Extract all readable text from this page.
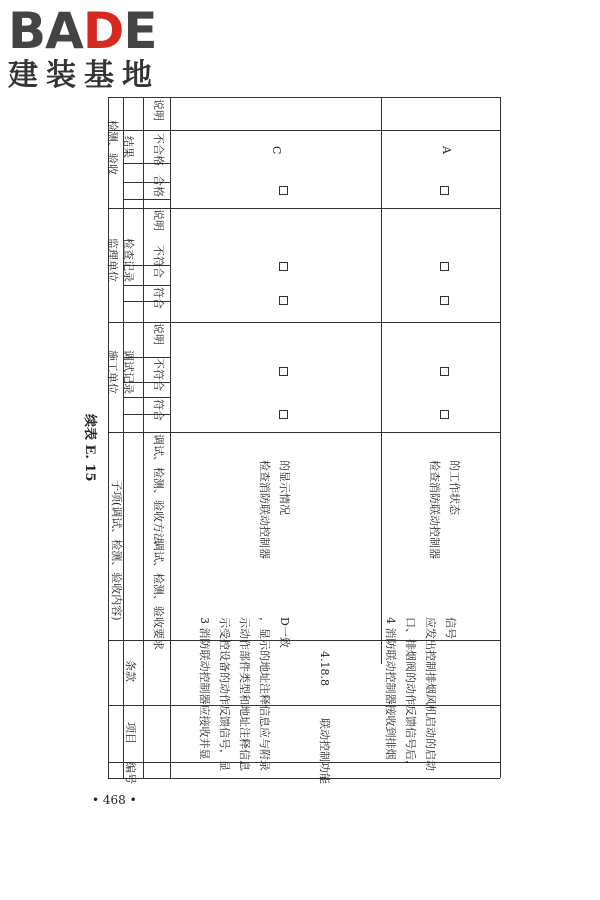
BADE
建装基地
编号
项目
条款
子项(调试、检测、验收内容)	调试、检测、验收要求
调试、检测、验收方法
施工单位 调试记录
监理单位 检查记录
检测、验收 结果
符合
不符合
说明
符合
不符合
说明
合格
不合格
说明
联动控制功能
4.18.8
3 消防联动控制器应接收并显 示受控设备的动作反馈信号，显 示动作部件类型和地址注释信息 ，显示的地址注释信息应与附录 D一致
检查消防联动控制器 的显示情况
4 消防联动控制器接收到排烟 口、排烟阀的动作反馈信号后， 应发出控制排烟风机启动的启动 信号
检查消防联动控制器 的工作状态
C	A
续表 E. 15
• 468 •
